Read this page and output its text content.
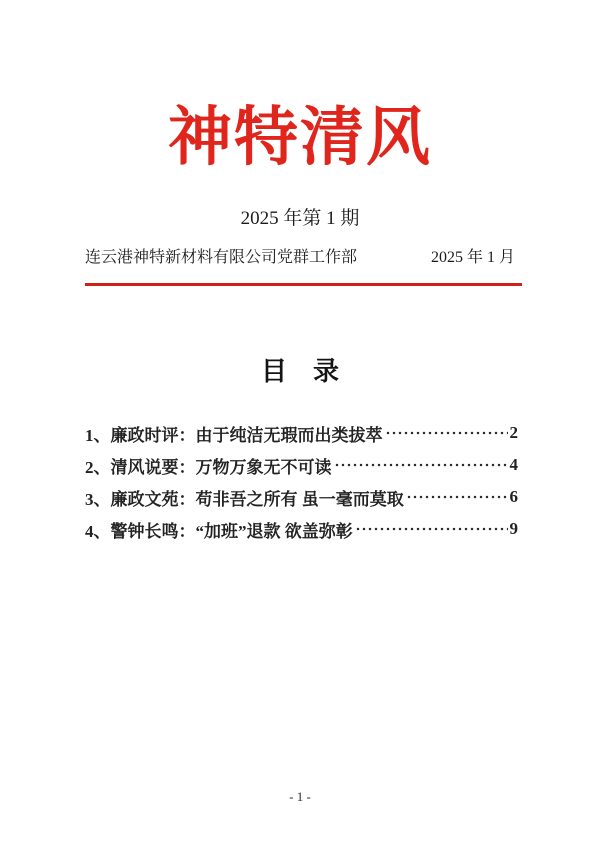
神特清风
2025 年第 1 期
连云港神特新材料有限公司党群工作部	2025 年 1 月
目　录
1、廉政时评：由于纯洁无瑕而出类拔萃	2
2、清风说要：万物万象无不可读	4
3、廉政文苑：苟非吾之所有 虽一毫而莫取	6
4、警钟长鸣：“加班”退款 欲盖弥彰	9
- 1 -
